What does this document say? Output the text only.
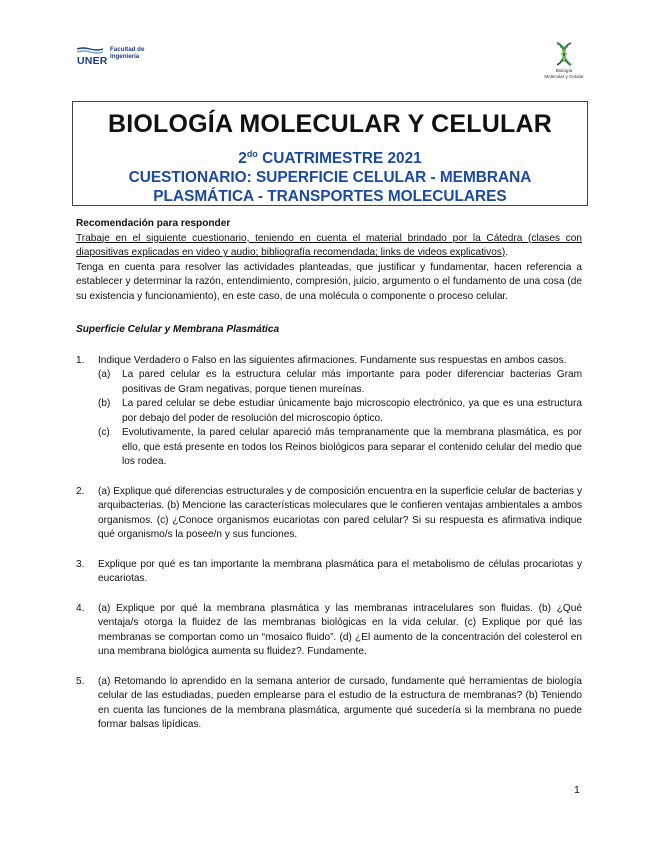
UNER
Facultad de
Ingeniería
Biología
Molecular y Celular
BIOLOGÍA MOLECULAR Y CELULAR
$2^{do}$ CUATRIMESTRE 2021
CUESTIONARIO: SUPERFICIE CELULAR - MEMBRANA
PLASMÁTICA - TRANSPORTES MOLECULARES
Recomendación para responder
Trabaje en el siguiente cuestionario, teniendo en cuenta el material brindado por la Cátedra (clases con diapositivas explicadas en video y audio; bibliografía recomendada; links de videos explicativos).
Tenga en cuenta para resolver las actividades planteadas, que justificar y fundamentar, hacen referencia a establecer y determinar la razón, entendimiento, compresión, juicio, argumento o el fundamento de una cosa (de su existencia y funcionamiento), en este caso, de una molécula o componente o proceso celular.
Superficie Celular y Membrana Plasmática
1. Indique Verdadero o Falso en las siguientes afirmaciones. Fundamente sus respuestas en ambos casos.
(a) La pared celular es la estructura celular más importante para poder diferenciar bacterias Gram positivas de Gram negativas, porque tienen mureínas.
(b) La pared celular se debe estudiar únicamente bajo microscopio electrónico, ya que es una estructura por debajo del poder de resolución del microscopio óptico.
(c) Evolutivamente, la pared celular apareció más tempranamente que la membrana plasmática, es por ello, que está presente en todos los Reinos biológicos para separar el contenido celular del medio que los rodea.
2. (a) Explique qué diferencias estructurales y de composición encuentra en la superficie celular de bacterias y arquibacterias. (b) Mencione las características moleculares que le confieren ventajas ambientales a ambos organismos. (c) ¿Conoce organismos eucariotas con pared celular? Si su respuesta es afirmativa indique qué organismo/s la posee/n y sus funciones.
3. Explique por qué es tan importante la membrana plasmática para el metabolismo de células procariotas y eucariotas.
4. (a) Explique por qué la membrana plasmática y las membranas intracelulares son fluidas. (b) ¿Qué ventaja/s otorga la fluidez de las membranas biológicas en la vida celular. (c) Explique por qué las membranas se comportan como un “mosaico fluido”. (d) ¿El aumento de la concentración del colesterol en una membrana biológica aumenta su fluidez?. Fundamente.
5. (a) Retomando lo aprendido en la semana anterior de cursado, fundamente qué herramientas de biología celular de las estudiadas, pueden emplearse para el estudio de la estructura de membranas? (b) Teniendo en cuenta las funciones de la membrana plasmática, argumente qué sucedería si la membrana no puede formar balsas lipídicas.
1
